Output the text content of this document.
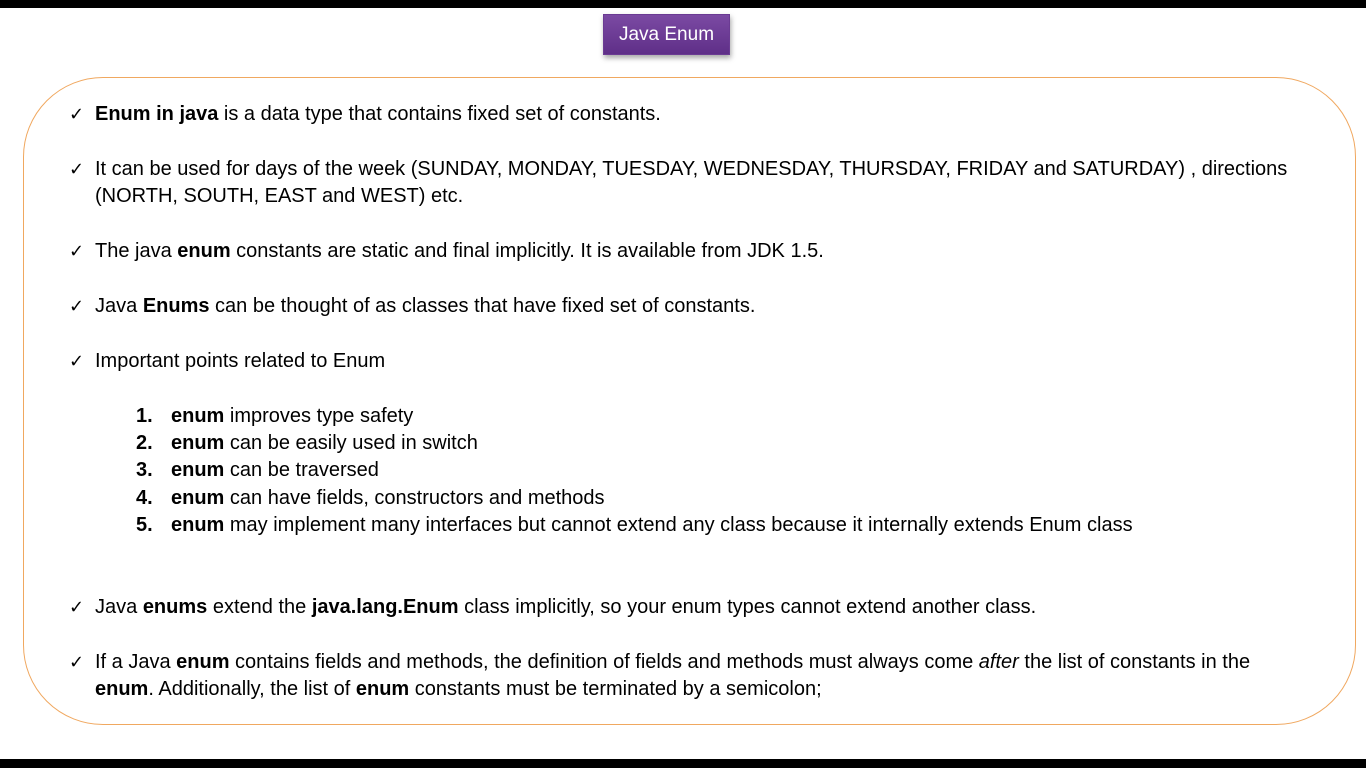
Java Enum
✓ Enum in java is a data type that contains fixed set of constants.
✓ It can be used for days of the week (SUNDAY, MONDAY, TUESDAY, WEDNESDAY, THURSDAY, FRIDAY and SATURDAY) , directions
(NORTH, SOUTH, EAST and WEST) etc.
✓ The java enum constants are static and final implicitly. It is available from JDK 1.5.
✓ Java Enums can be thought of as classes that have fixed set of constants.
✓ Important points related to Enum
✓ Java enums extend the java.lang.Enum class implicitly, so your enum types cannot extend another class.
✓ If a Java enum contains fields and methods, the definition of fields and methods must always come after the list of constants in the
enum. Additionally, the list of enum constants must be terminated by a semicolon;
1. enum improves type safety
2. enum can be easily used in switch
3. enum can be traversed
4. enum can have fields, constructors and methods
5. enum may implement many interfaces but cannot extend any class because it internally extends Enum class
